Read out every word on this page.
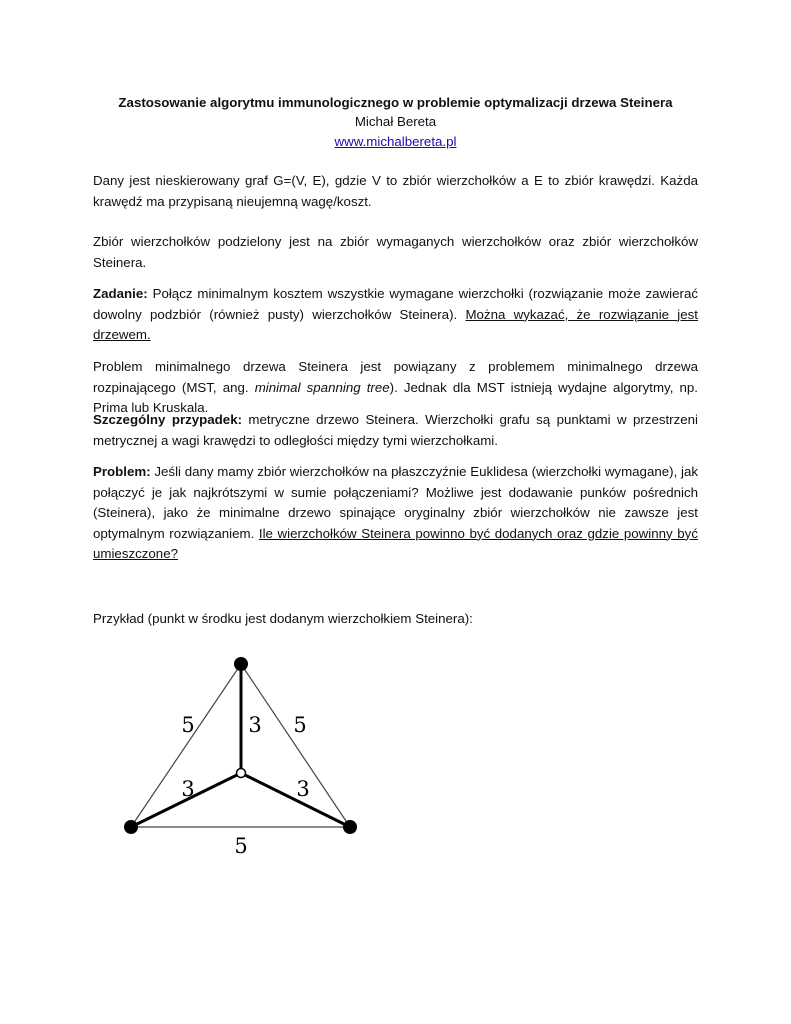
Zastosowanie algorytmu immunologicznego w problemie optymalizacji drzewa Steinera
Michał Bereta
www.michalbereta.pl

Dany jest nieskierowany graf G=(V, E), gdzie V to zbiór wierzchołków a E to zbiór krawędzi. Każda krawędź ma przypisaną nieujemną wagę/koszt.

Zbiór wierzchołków podzielony jest na zbiór wymaganych wierzchołków oraz zbiór wierzchołków Steinera.

Zadanie: Połącz minimalnym kosztem wszystkie wymagane wierzchołki (rozwiązanie może zawierać dowolny podzbiór (również pusty) wierzchołków Steinera). Można wykazać, że rozwiązanie jest drzewem.

Problem minimalnego drzewa Steinera jest powiązany z problemem minimalnego drzewa rozpinającego (MST, ang. minimal spanning tree). Jednak dla MST istnieją wydajne algorytmy, np. Prima lub Kruskala.

Szczególny przypadek: metryczne drzewo Steinera. Wierzchołki grafu są punktami w przestrzeni metrycznej a wagi krawędzi to odległości między tymi wierzchołkami.

Problem: Jeśli dany mamy zbiór wierzchołków na płaszczyźnie Euklidesa (wierzchołki wymagane), jak połączyć je jak najkrótszymi w sumie połączeniami? Możliwe jest dodawanie punków pośrednich (Steinera), jako że minimalne drzewo spinające oryginalny zbiór wierzchołków nie zawsze jest optymalnym rozwiązaniem. Ile wierzchołków Steinera powinno być dodanych oraz gdzie powinny być umieszczone?

Przykład (punkt w środku jest dodanym wierzchołkiem Steinera):

5	3 5
3	3
5
